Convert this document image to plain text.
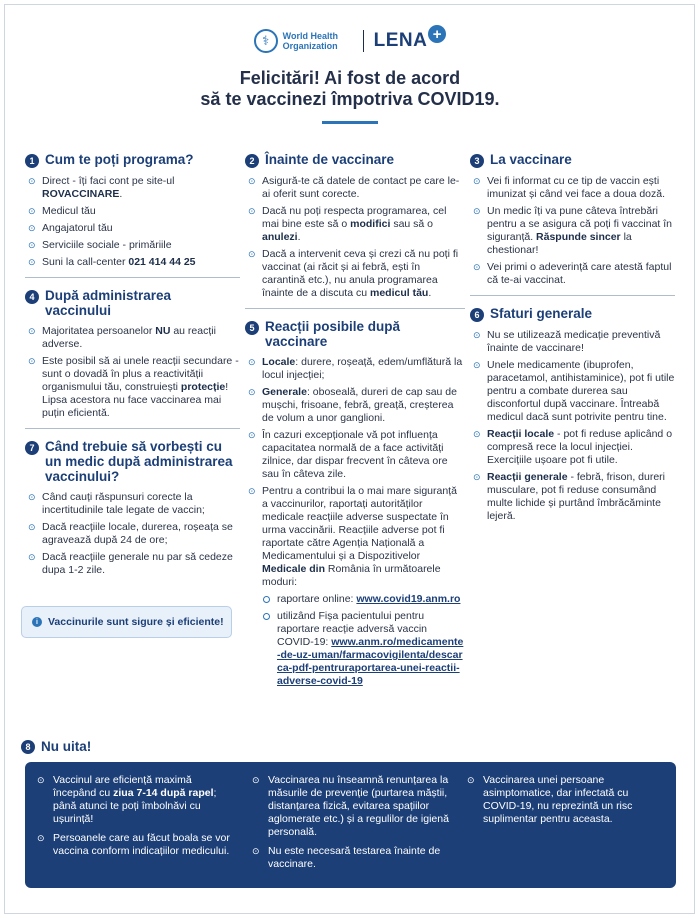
⚕	World Health
Organization	LENA +
Felicitări! Ai fost de acord
să te vaccinezi împotriva COVID19.
1 Cum te poți programa?
⊙ Direct - îți faci cont pe site-ul ROVACCINARE.
⊙ Medicul tău
⊙ Angajatorul tău
⊙ Serviciile sociale - primăriile
⊙ Suni la call-center 021 414 44 25
4 După administrarea vaccinului
⊙ Majoritatea persoanelor NU au reacții adverse.
⊙ Este posibil să ai unele reacții secundare - sunt o dovadă în plus a reactivității organismului tău, construiești protecție! Lipsa acestora nu face vaccinarea mai puțin eficientă.
7 Când trebuie să vorbești cu un medic după administrarea vaccinului?
⊙ Când cauți răspunsuri corecte la incertitudinile tale legate de vaccin;
⊙ Dacă reacțiile locale, durerea, roșeața se agravează după 24 de ore;
⊙ Dacă reacțiile generale nu par să cedeze dupa 1-2 zile.
i Vaccinurile sunt sigure și eficiente!
2 Înainte de vaccinare
⊙ Asigură-te că datele de contact pe care le-ai oferit sunt corecte.
⊙ Dacă nu poți respecta programarea, cel mai bine este să o modifici sau să o anulezi.
⊙ Dacă a intervenit ceva și crezi că nu poți fi vaccinat (ai răcit și ai febră, ești în carantină etc.), nu anula programarea înainte de a discuta cu medicul tău.
5 Reacții posibile după vaccinare
⊙ Locale: durere, roșeață, edem/umflătură la locul injecției;
⊙ Generale: oboseală, dureri de cap sau de mușchi, frisoane, febră, greață, creșterea de volum a unor ganglioni.
⊙ În cazuri excepționale vă pot influența capacitatea normală de a face activități zilnice, dar dispar frecvent în câteva ore sau în câteva zile.
⊙ Pentru a contribui la o mai mare siguranță a vaccinurilor, raportați autorităților medicale reacțiile adverse suspectate în urma vaccinării. Reacțiile adverse pot fi raportate către Agenția Națională a Medicamentului și a Dispozitivelor Medicale din România în următoarele moduri:
raportare online: www.covid19.anm.ro
utilizând Fișa pacientului pentru raportare reacție adversă vaccin COVID-19: www.anm.ro/medicamente-de-uz-uman/farmacovigilenta/descarca-pdf-pentruraportarea-unei-reactii-adverse-covid-19
3 La vaccinare
⊙ Vei fi informat cu ce tip de vaccin ești imunizat și când vei face a doua doză.
⊙ Un medic îți va pune câteva întrebări pentru a se asigura că poți fi vaccinat în siguranță. Răspunde sincer la chestionar!
⊙ Vei primi o adeverință care atestă faptul că te-ai vaccinat.
6 Sfaturi generale
⊙ Nu se utilizează medicație preventivă înainte de vaccinare!
⊙ Unele medicamente (ibuprofen, paracetamol, antihistaminice), pot fi utile pentru a combate durerea sau disconfortul după vaccinare. Întreabă medicul dacă sunt potrivite pentru tine.
⊙ Reacții locale - pot fi reduse aplicând o compresă rece la locul injecției. Exercițiile ușoare pot fi utile.
⊙ Reacții generale - febră, frison, dureri musculare, pot fi reduse consumând multe lichide și purtând îmbrăcăminte lejeră.
8 Nu uita!
⊙ Vaccinul are eficiență maximă începând cu ziua 7-14 după rapel; până atunci te poți îmbolnăvi cu ușurință!
⊙ Persoanele care au făcut boala se vor vaccina conform indicațiilor medicului.
⊙ Vaccinarea nu înseamnă renunțarea la măsurile de prevenție (purtarea măștii, distanțarea fizică, evitarea spațiilor aglomerate etc.) și a regulilor de igienă personală.
⊙ Nu este necesară testarea înainte de vaccinare.
⊙ Vaccinarea unei persoane asimptomatice, dar infectată cu COVID-19, nu reprezintă un risc suplimentar pentru aceasta.
